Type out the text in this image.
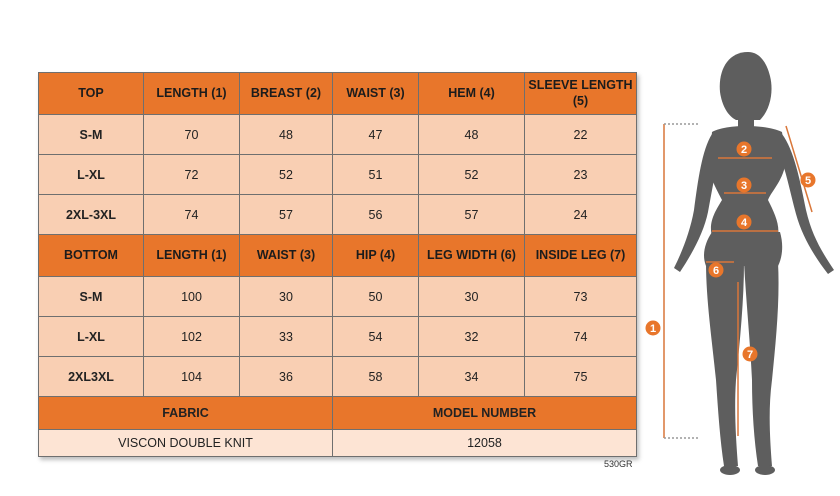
TOP	LENGTH (1)	BREAST (2)	WAIST (3)	HEM (4)	SLEEVE LENGTH (5)
S-M	70	48	47	48	22
L-XL	72	52	51	52	23
2XL-3XL	74	57	56	57	24
BOTTOM	LENGTH (1)	WAIST (3)	HIP (4)	LEG WIDTH (6)	INSIDE LEG (7)
S-M	100	30	50	30	73
L-XL	102	33	54	32	74
2XL3XL	104	36	58	34	75
FABRIC			MODEL NUMBER		
VISCON DOUBLE KNIT			12058		
530GR
1
2
3
4
5
6
7
